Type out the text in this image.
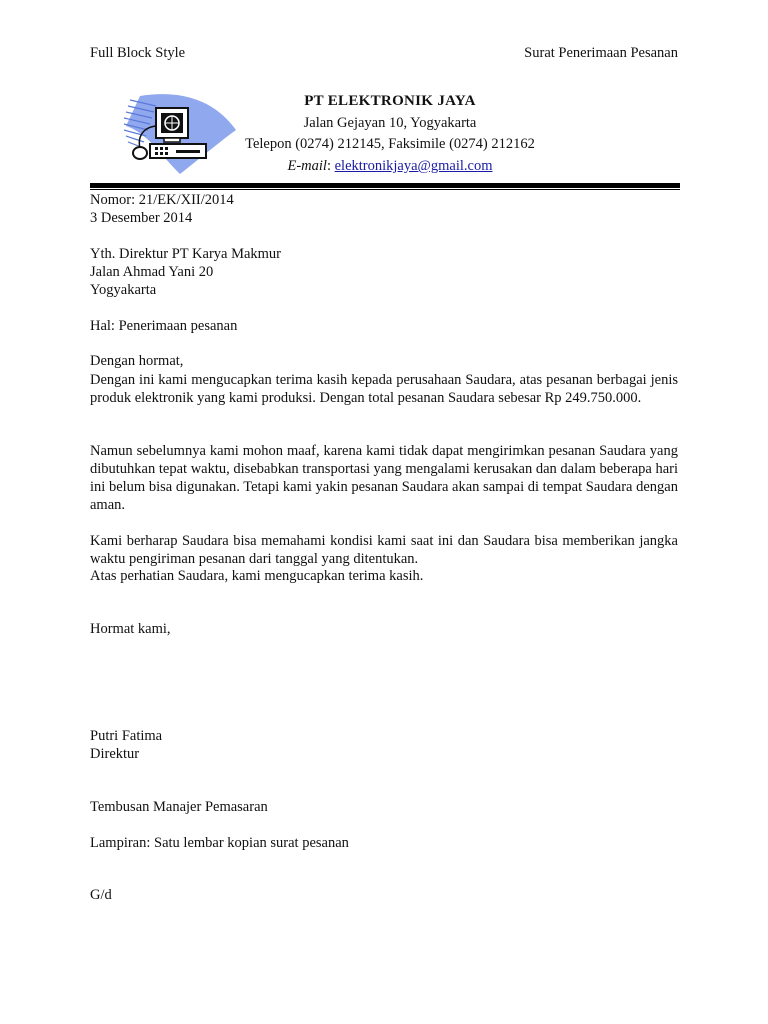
Full Block Style	Surat Penerimaan Pesanan
PT ELEKTRONIK JAYA
Jalan Gejayan 10, Yogyakarta
Telepon (0274) 212145, Faksimile (0274) 212162
E-mail: elektronikjaya@gmail.com
Nomor: 21/EK/XII/2014
3 Desember 2014
Yth. Direktur PT Karya Makmur
Jalan Ahmad Yani 20
Yogyakarta
Hal: Penerimaan pesanan
Dengan hormat,

Dengan ini kami mengucapkan terima kasih kepada perusahaan Saudara, atas pesanan berbagai jenis produk elektronik yang kami produksi. Dengan total pesanan Saudara sebesar Rp 249.750.000.

Namun sebelumnya kami mohon maaf, karena kami tidak dapat mengirimkan pesanan Saudara yang dibutuhkan tepat waktu, disebabkan transportasi yang mengalami kerusakan dan dalam beberapa hari ini belum bisa digunakan. Tetapi kami yakin pesanan Saudara akan sampai di tempat Saudara dengan aman.

Kami berharap Saudara bisa memahami kondisi kami saat ini dan Saudara bisa memberikan jangka waktu pengiriman pesanan dari tanggal yang ditentukan.

Atas perhatian Saudara, kami mengucapkan terima kasih.
Hormat kami,
Putri Fatima
Direktur
Tembusan Manajer Pemasaran
Lampiran: Satu lembar kopian surat pesanan
G/d
